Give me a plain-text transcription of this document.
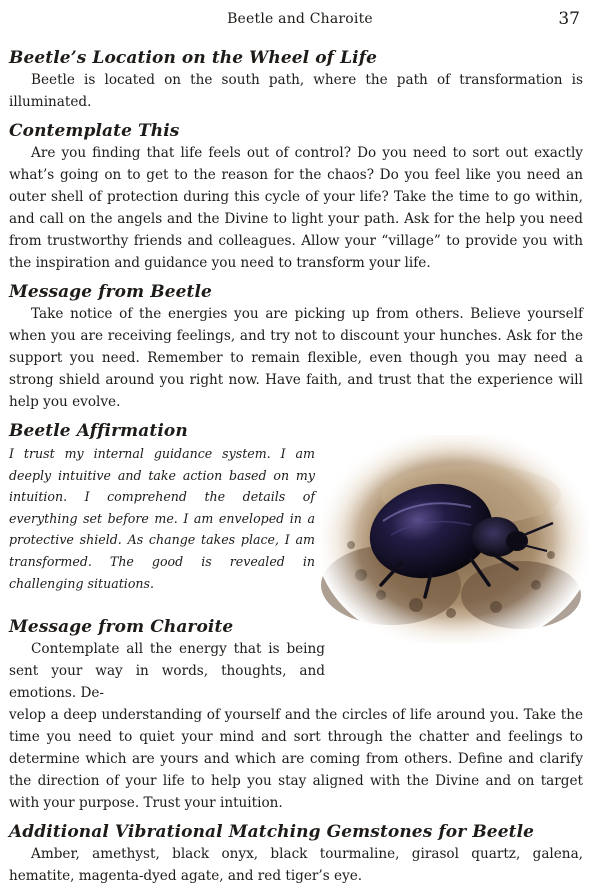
Beetle and Charoite	37
Beetle’s Location on the Wheel of Life

Beetle is located on the south path, where the path of transformation is illuminated.

Contemplate This

Are you finding that life feels out of control? Do you need to sort out exactly what’s going on to get to the reason for the chaos? Do you feel like you need an outer shell of protection during this cycle of your life? Take the time to go within, and call on the angels and the Divine to light your path. Ask for the help you need from trustworthy friends and colleagues. Allow your “village” to provide you with the inspiration and guidance you need to transform your life.

Message from Beetle

Take notice of the energies you are picking up from others. Believe yourself when you are receiving feelings, and try not to discount your hunches. Ask for the support you need. Remember to remain flexible, even though you may need a strong shield around you right now. Have faith, and trust that the experience will help you evolve.

Beetle Affirmation

I trust my internal guidance system. I am deeply intuitive and take action based on my intuition. I comprehend the details of everything set before me. I am enveloped in a protective shield. As change takes place, I am transformed. The good is revealed in challenging situations.

Message from Charoite

Contemplate all the energy that is being sent your way in words, thoughts, and emotions. De-

velop a deep understanding of yourself and the circles of life around you. Take the time you need to quiet your mind and sort through the chatter and feelings to determine which are yours and which are coming from others. Define and clarify the direction of your life to help you stay aligned with the Divine and on target with your purpose. Trust your intuition.

Additional Vibrational Matching Gemstones for Beetle

Amber, amethyst, black onyx, black tourmaline, girasol quartz, galena, hematite, magenta-dyed agate, and red tiger’s eye.
